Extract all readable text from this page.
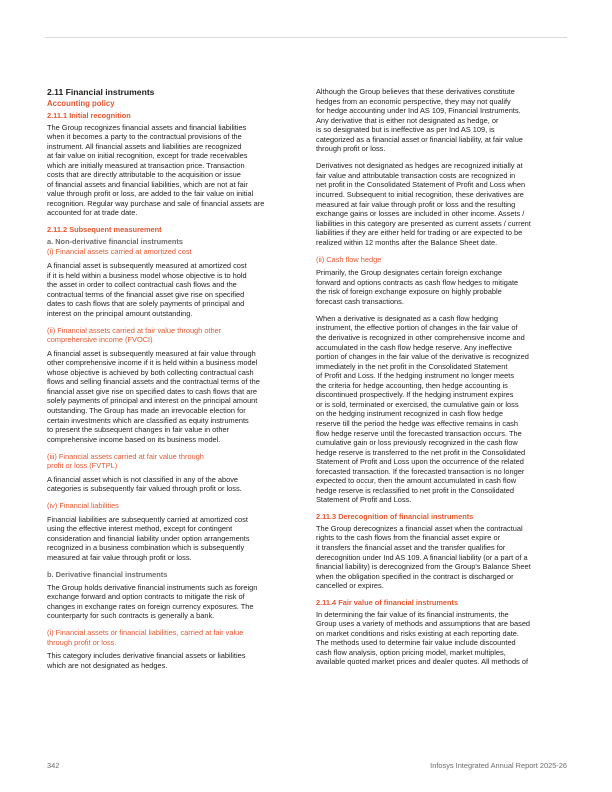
2.11 Financial instruments
Accounting policy
2.11.1 Initial recognition

The Group recognizes financial assets and financial liabilities
when it becomes a party to the contractual provisions of the
instrument. All financial assets and liabilities are recognized
at fair value on initial recognition, except for trade receivables
which are initially measured at transaction price. Transaction
costs that are directly attributable to the acquisition or issue
of financial assets and financial liabilities, which are not at fair
value through profit or loss, are added to the fair value on initial
recognition. Regular way purchase and sale of financial assets are
accounted for at trade date.

2.11.2 Subsequent measurement
a. Non-derivative financial instruments
(i) Financial assets carried at amortized cost

A financial asset is subsequently measured at amortized cost
if it is held within a business model whose objective is to hold
the asset in order to collect contractual cash flows and the
contractual terms of the financial asset give rise on specified
dates to cash flows that are solely payments of principal and
interest on the principal amount outstanding.

(ii) Financial assets carried at fair value through other
comprehensive income (FVOCI)

A financial asset is subsequently measured at fair value through
other comprehensive income if it is held within a business model
whose objective is achieved by both collecting contractual cash
flows and selling financial assets and the contractual terms of the
financial asset give rise on specified dates to cash flows that are
solely payments of principal and interest on the principal amount
outstanding. The Group has made an irrevocable election for
certain investments which are classified as equity instruments
to present the subsequent changes in fair value in other
comprehensive income based on its business model.

(iii) Financial assets carried at fair value through
profit or loss (FVTPL)

A financial asset which is not classified in any of the above
categories is subsequently fair valued through profit or loss.

(iv) Financial liabilities

Financial liabilities are subsequently carried at amortized cost
using the effective interest method, except for contingent
consideration and financial liability under option arrangements
recognized in a business combination which is subsequently
measured at fair value through profit or loss.

b. Derivative financial instruments

The Group holds derivative financial instruments such as foreign
exchange forward and option contracts to mitigate the risk of
changes in exchange rates on foreign currency exposures. The
counterparty for such contracts is generally a bank.

(i) Financial assets or financial liabilities, carried at fair value
through profit or loss.

This category includes derivative financial assets or liabilities
which are not designated as hedges.

Although the Group believes that these derivatives constitute
hedges from an economic perspective, they may not qualify
for hedge accounting under Ind AS 109, Financial Instruments.
Any derivative that is either not designated as hedge, or
is so designated but is ineffective as per Ind AS 109, is
categorized as a financial asset or financial liability, at fair value
through profit or loss.

Derivatives not designated as hedges are recognized initially at
fair value and attributable transaction costs are recognized in
net profit in the Consolidated Statement of Profit and Loss when
incurred. Subsequent to initial recognition, these derivatives are
measured at fair value through profit or loss and the resulting
exchange gains or losses are included in other income. Assets /
liabilities in this category are presented as current assets / current
liabilities if they are either held for trading or are expected to be
realized within 12 months after the Balance Sheet date.

(ii) Cash flow hedge

Primarily, the Group designates certain foreign exchange
forward and options contracts as cash flow hedges to mitigate
the risk of foreign exchange exposure on highly probable
forecast cash transactions.

When a derivative is designated as a cash flow hedging
instrument, the effective portion of changes in the fair value of
the derivative is recognized in other comprehensive income and
accumulated in the cash flow hedge reserve. Any ineffective
portion of changes in the fair value of the derivative is recognized
immediately in the net profit in the Consolidated Statement
of Profit and Loss. If the hedging instrument no longer meets
the criteria for hedge accounting, then hedge accounting is
discontinued prospectively. If the hedging instrument expires
or is sold, terminated or exercised, the cumulative gain or loss
on the hedging instrument recognized in cash flow hedge
reserve till the period the hedge was effective remains in cash
flow hedge reserve until the forecasted transaction occurs. The
cumulative gain or loss previously recognized in the cash flow
hedge reserve is transferred to the net profit in the Consolidated
Statement of Profit and Loss upon the occurrence of the related
forecasted transaction. If the forecasted transaction is no longer
expected to occur, then the amount accumulated in cash flow
hedge reserve is reclassified to net profit in the Consolidated
Statement of Profit and Loss.

2.11.3 Derecognition of financial instruments

The Group derecognizes a financial asset when the contractual
rights to the cash flows from the financial asset expire or
it transfers the financial asset and the transfer qualifies for
derecognition under Ind AS 109. A financial liability (or a part of a
financial liability) is derecognized from the Group's Balance Sheet
when the obligation specified in the contract is discharged or
cancelled or expires.

2.11.4 Fair value of financial instruments

In determining the fair value of its financial instruments, the
Group uses a variety of methods and assumptions that are based
on market conditions and risks existing at each reporting date.
The methods used to determine fair value include discounted
cash flow analysis, option pricing model, market multiples,
available quoted market prices and dealer quotes. All methods of

342	Infosys Integrated Annual Report 2025-26
